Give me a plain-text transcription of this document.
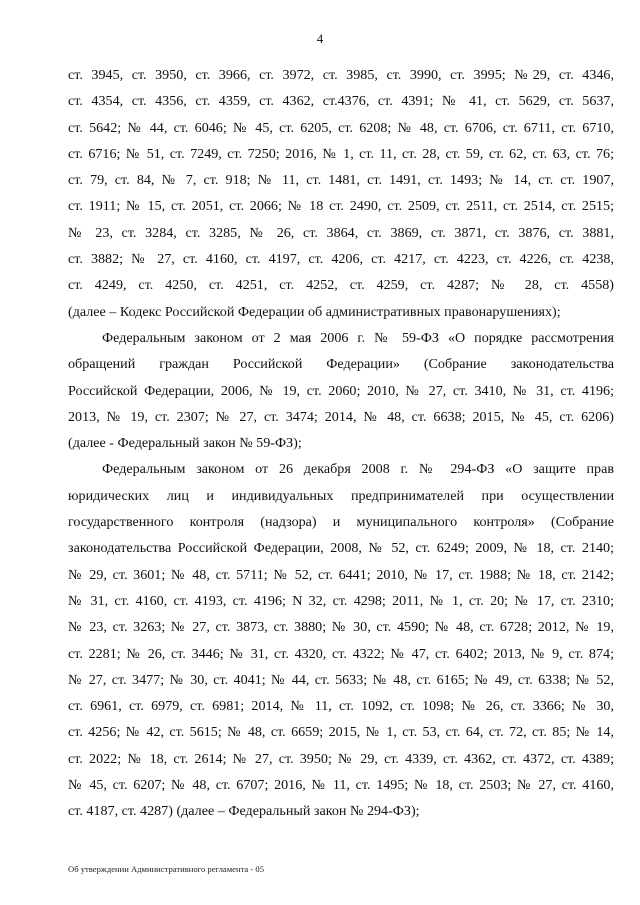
4
ст. 3945, ст. 3950, ст. 3966, ст. 3972, ст. 3985, ст. 3990, ст. 3995; №29, ст. 4346,
ст. 4354, ст. 4356, ст. 4359, ст. 4362, ст.4376, ст. 4391; № 41, ст. 5629, ст. 5637,
ст. 5642; № 44, ст. 6046; № 45, ст. 6205, ст. 6208; № 48, ст. 6706, ст. 6711, ст. 6710,
ст. 6716; № 51, ст. 7249, ст. 7250; 2016, № 1, ст. 11, ст. 28, ст. 59, ст. 62, ст. 63, ст. 76;
ст. 79, ст. 84, № 7, ст. 918; № 11, ст. 1481, ст. 1491, ст. 1493; № 14, ст. ст. 1907,
ст. 1911; № 15, ст. 2051, ст. 2066; № 18 ст. 2490, ст. 2509, ст. 2511, ст. 2514, ст. 2515;
№ 23, ст. 3284, ст. 3285, № 26, ст. 3864, ст. 3869, ст. 3871, ст. 3876, ст. 3881,
ст. 3882; № 27, ст. 4160, ст. 4197, ст. 4206, ст. 4217, ст. 4223, ст. 4226, ст. 4238,
ст. 4249, ст. 4250, ст. 4251, ст. 4252, ст. 4259, ст. 4287; № 28, ст. 4558)
(далее – Кодекс Российской Федерации об административных правонарушениях);
Федеральным законом от 2 мая 2006 г. № 59-ФЗ «О порядке рассмотрения
обращений граждан Российской Федерации» (Собрание законодательства
Российской Федерации, 2006, № 19, ст. 2060; 2010, № 27, ст. 3410, № 31, ст. 4196;
2013, № 19, ст. 2307; № 27, ст. 3474; 2014, № 48, ст. 6638; 2015, № 45, ст. 6206)
(далее - Федеральный закон № 59-ФЗ);
Федеральным законом от 26 декабря 2008 г. № 294-ФЗ «О защите прав
юридических лиц и индивидуальных предпринимателей при осуществлении
государственного контроля (надзора) и муниципального контроля» (Собрание
законодательства Российской Федерации, 2008, № 52, ст. 6249; 2009, № 18, ст. 2140;
№ 29, ст. 3601; № 48, ст. 5711; № 52, ст. 6441; 2010, № 17, ст. 1988; № 18, ст. 2142;
№ 31, ст. 4160, ст. 4193, ст. 4196; N 32, ст. 4298; 2011, № 1, ст. 20; № 17, ст. 2310;
№ 23, ст. 3263; № 27, ст. 3873, ст. 3880; № 30, ст. 4590; № 48, ст. 6728; 2012, № 19,
ст. 2281; № 26, ст. 3446; № 31, ст. 4320, ст. 4322; № 47, ст. 6402; 2013, № 9, ст. 874;
№ 27, ст. 3477; № 30, ст. 4041; № 44, ст. 5633; № 48, ст. 6165; № 49, ст. 6338; № 52,
ст. 6961, ст. 6979, ст. 6981; 2014, № 11, ст. 1092, ст. 1098; № 26, ст. 3366; № 30,
ст. 4256; № 42, ст. 5615; № 48, ст. 6659; 2015, № 1, ст. 53, ст. 64, ст. 72, ст. 85; № 14,
ст. 2022; № 18, ст. 2614; № 27, ст. 3950; № 29, ст. 4339, ст. 4362, ст. 4372, ст. 4389;
№ 45, ст. 6207; № 48, ст. 6707; 2016, № 11, ст. 1495; № 18, ст. 2503; № 27, ст. 4160,
ст. 4187, ст. 4287) (далее – Федеральный закон № 294-ФЗ);
Об утверждении Административного регламента - 05
